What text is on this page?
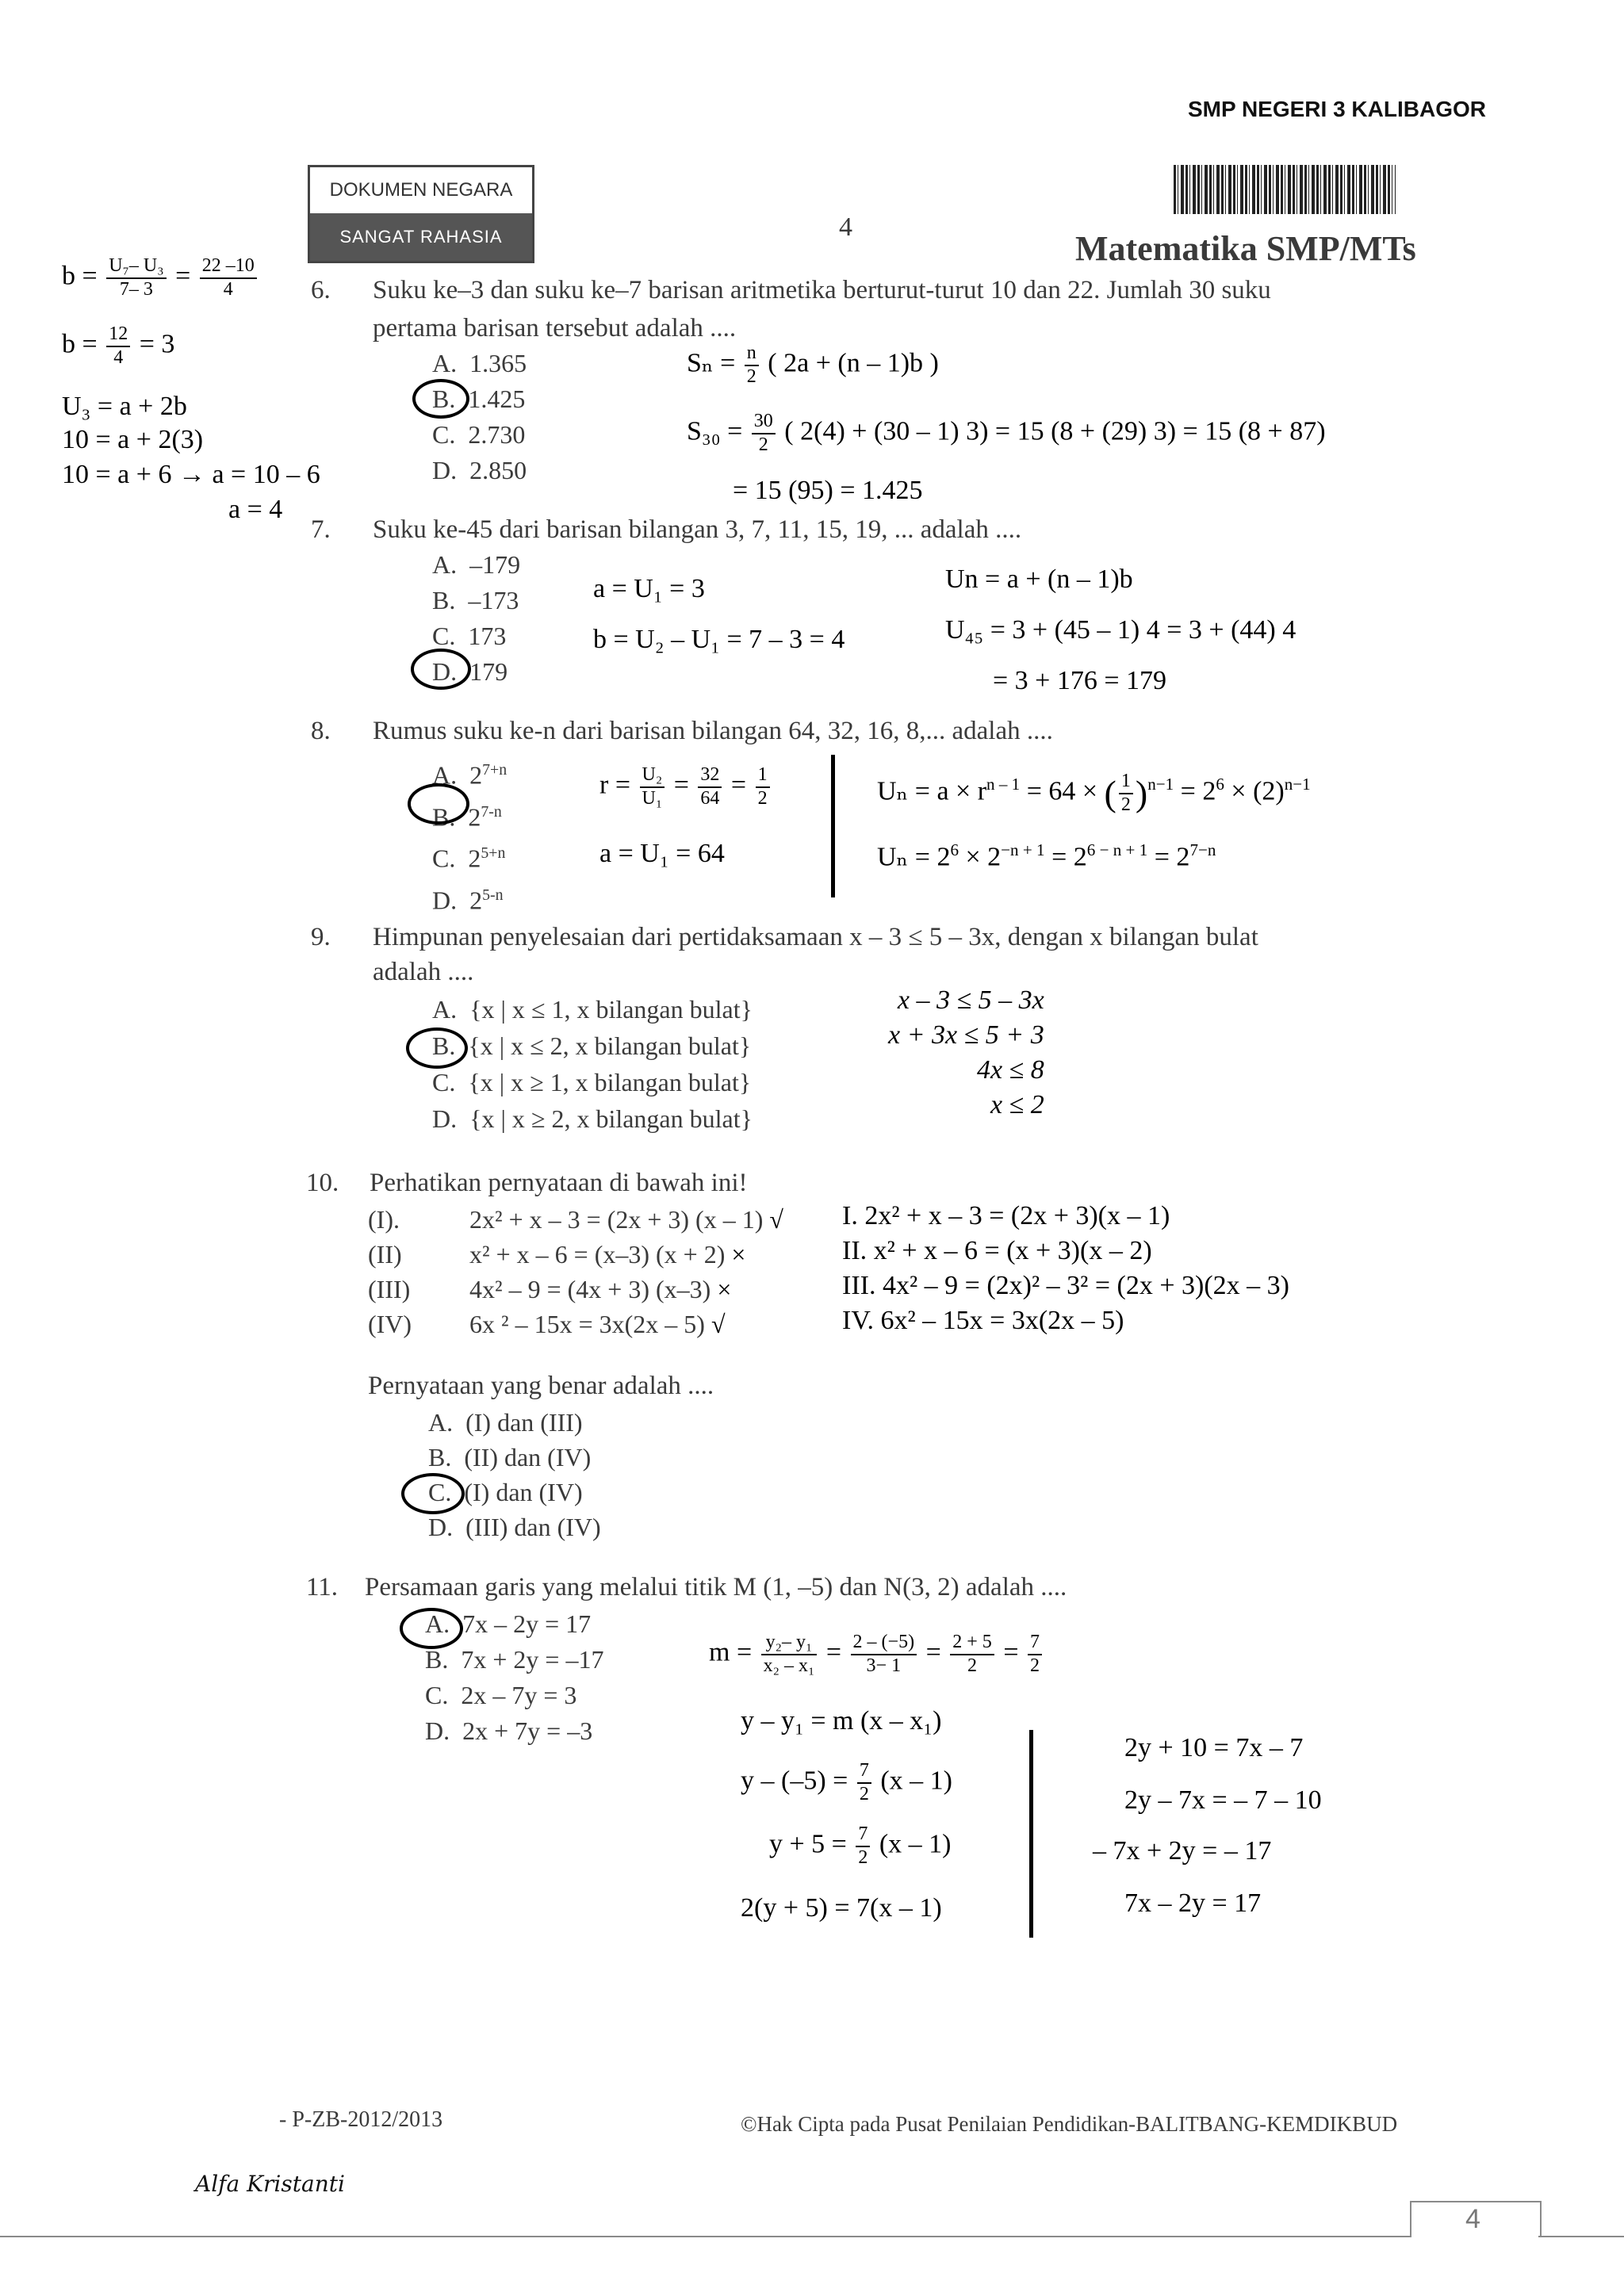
SMP NEGERI 3 KALIBAGOR
DOKUMEN NEGARA
SANGAT RAHASIA	4
Matematika SMP/MTs
6. Suku ke–3 dan suku ke–7 barisan aritmetika berturut-turut 10 dan 22. Jumlah 30 suku
pertama barisan tersebut adalah ....
A. 1.365
B. 1.425
C. 2.730
D. 2.850
$b = \frac{\text{U₇– U₃}}{7- 3} = \frac{22 -10}{4}$
$b = \frac{12}{4} = 3$
U₃ = a + 2b
10 = a + 2(3)
10 = a + 6 → a = 10 – 6
a = 4
$S_n = \frac{n}{2}$ ( 2a + (n – 1)b )
$S_{30} = \frac{30}{2}$ ( 2(4) + (30 – 1) 3) = 15 (8 + (29) 3) = 15 (8 + 87)
= 15 (95) = 1.425
7. Suku ke-45 dari barisan bilangan 3, 7, 11, 15, 19, ... adalah ....
A. –179
B. –173
C. 173
D. 179
a = U₁ = 3
b = U₂ – U₁ = 7 – 3 = 4
Un = a + (n – 1)b
U₄₅ = 3 + (45 – 1) 4 = 3 + (44) 4
= 3 + 176 = 179
8. Rumus suku ke-n dari barisan bilangan 64, 32, 16, 8,... adalah ....
A. $2^{7+n}$
B. 2$^{7-n}$
C. $2^{5+n}$
D. 2$^{5-n}$
$r = \frac{\text{U₂}}{\text{U₁}} = \frac{32}{64} = \frac{1}{2}$
a = U₁ = 64
$U_n = a \times r^{n - 1} = 64$ × ( $\frac{1}{2} )^{n-1} = 2^6 \times (2)^{n-1}$
$U_n = 2^6 \times 2^{-n + 1} = 2^{6 - n + 1} = 2^{7-n}$
9. Himpunan penyelesaian dari pertidaksamaan x – 3 ≤ 5 – 3x, dengan x bilangan bulat
adalah ....
A. {x | x ≤ 1, x bilangan bulat}
B. {x | x ≤ 2, x bilangan bulat}
C. {x | x ≥ 1, x bilangan bulat}
D. {x | x ≥ 2, x bilangan bulat}
x – 3 ≤ 5 – 3x
x + 3x ≤ 5 + 3
4x ≤ 8
x ≤ 2
10. Perhatikan pernyataan di bawah ini!
(I).	2x² + x – 3 = (2x + 3) (x – 1) √
(II)	x² + x – 6 = (x–3) (x + 2) ×
(III) 4x² – 9 = (4x + 3) (x–3) ×
(IV) 6x ² – 15x = 3x(2x – 5) √
Pernyataan yang benar adalah ....
A. (I) dan (III)
B. (II) dan (IV)
C. (I) dan (IV)
D. (III) dan (IV)
I. 2x² + x – 3 = (2x + 3)(x – 1)
II. x² + x – 6 = (x + 3)(x – 2)
III. 4x² – 9 = (2x)² – 3² = (2x + 3)(2x – 3)
IV. 6x² – 15x = 3x(2x – 5)
11. Persamaan garis yang melalui titik M (1, –5) dan N(3, 2) adalah ....
A. 7x – 2y = 17
B. 7x + 2y = –17
C. 2x – 7y = 3
D. 2x + 7y = –3
$m = \frac{\text{y₂– y₁}}{\text{x₂ – x₁}} = \frac{2 - (-5)}{3- 1} = \frac{2 + 5}{2} = \frac{7}{2}$
y – y₁ = m (x – x₁)
$y - (-5) = \frac{7}{2} (x - 1)$
$y + 5 = \frac{7}{2} (x - 1)$
2(y + 5) = 7(x – 1)
2y + 10 = 7x – 7
2y – 7x = – 7 – 10
– 7x + 2y = – 17
7x – 2y = 17
- P-ZB-2012/2013	©Hak Cipta pada Pusat Penilaian Pendidikan-BALITBANG-KEMDIKBUD
Alfa Kristanti
4
